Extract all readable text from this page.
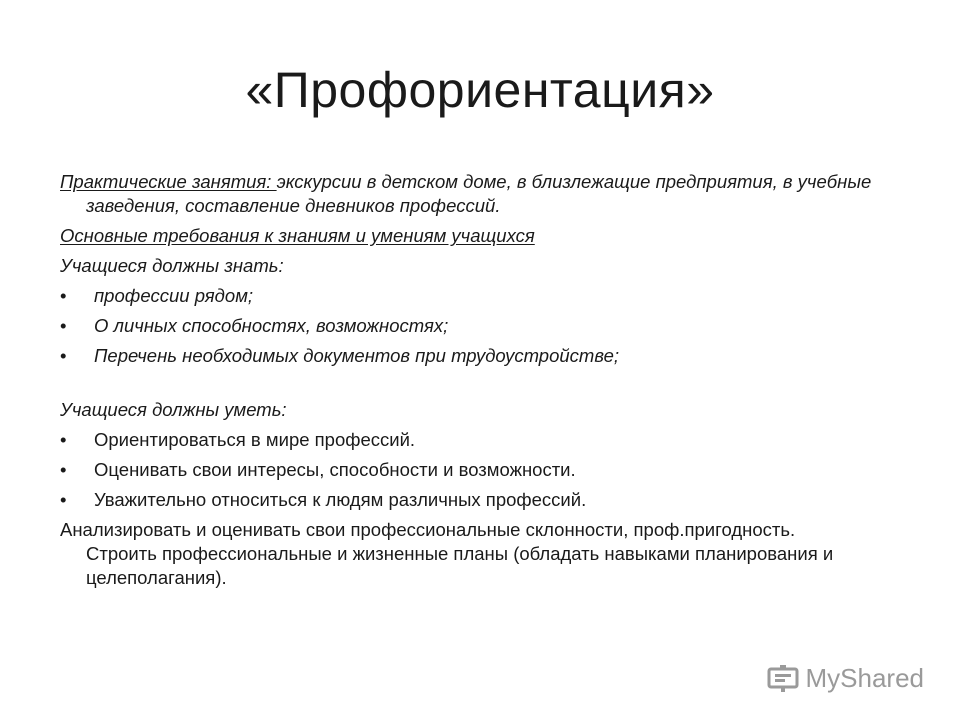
«Профориентация»
Практические занятия: экскурсии в детском доме, в близлежащие предприятия, в учебные заведения, составление дневников профессий.
Основные требования к знаниям и умениям учащихся
Учащиеся должны знать:
•	профессии рядом;
•	О личных способностях, возможностях;
•	Перечень необходимых документов при трудоустройстве;
Учащиеся должны уметь:
•	Ориентироваться в мире профессий.
•	Оценивать свои интересы, способности и возможности.
•	Уважительно относиться к людям различных профессий.
Анализировать и оценивать свои профессиональные склонности, проф.пригодность.
Строить профессиональные и жизненные планы (обладать навыками планирования и целеполагания).
MyShared
